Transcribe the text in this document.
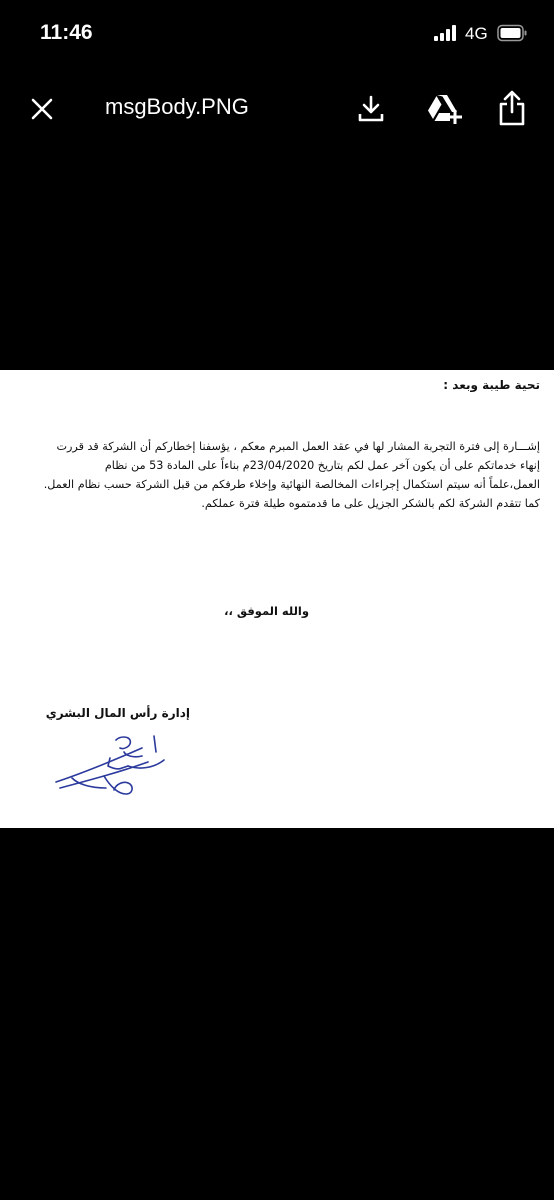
11:46	4G
msgBody.PNG
تحية طيبة وبعد :
إشـــارة إلى فترة التجربة المشار لها في عقد العمل المبرم معكم ، يؤسفنا إخطاركم أن الشركة قد قررت
إنهاء خدماتكم على أن يكون آخر عمل لكم بتاريخ 23/04/2020م بناءاً على المادة 53 من نظام
العمل،علماً أنه سيتم استكمال إجراءات المخالصة النهائية وإخلاء طرفكم من قبل الشركة حسب نظام العمل.
كما تتقدم الشركة لكم بالشكر الجزيل على ما قدمتموه طيلة فترة عملكم.
والله الموفق ،،
إدارة رأس المال البشري
